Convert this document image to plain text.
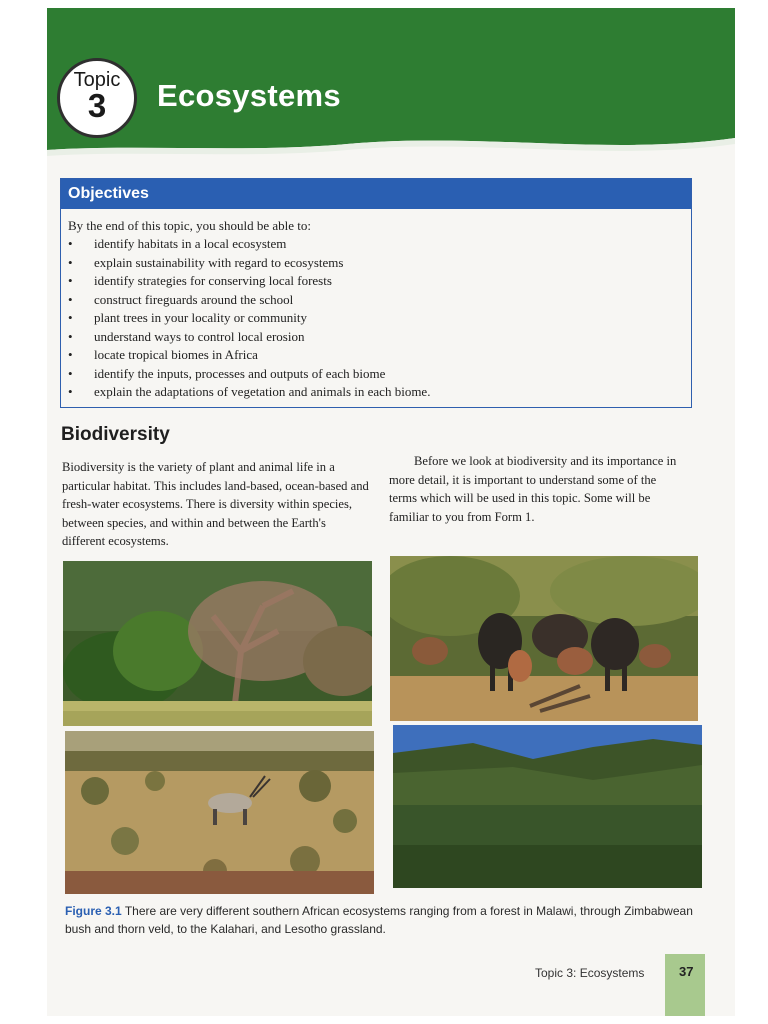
Topic
3	Ecosystems
Objectives
By the end of this topic, you should be able to:
•	identify habitats in a local ecosystem
•	explain sustainability with regard to ecosystems
•	identify strategies for conserving local forests
•	construct fireguards around the school
•	plant trees in your locality or community
•	understand ways to control local erosion
•	locate tropical biomes in Africa
•	identify the inputs, processes and outputs of each biome
•	explain the adaptations of vegetation and animals in each biome.
Biodiversity
Biodiversity is the variety of plant and animal life in a particular habitat. This includes land-based, ocean-based and fresh-water ecosystems. There is diversity within species, between species, and within and between the Earth's different ecosystems.
Before we look at biodiversity and its importance in more detail, it is important to understand some of the terms which will be used in this topic. Some will be familiar to you from Form 1.
Figure 3.1 There are very different southern African ecosystems ranging from a forest in Malawi, through Zimbabwean bush and thorn veld, to the Kalahari, and Lesotho grassland.
Topic 3: Ecosystems	37
